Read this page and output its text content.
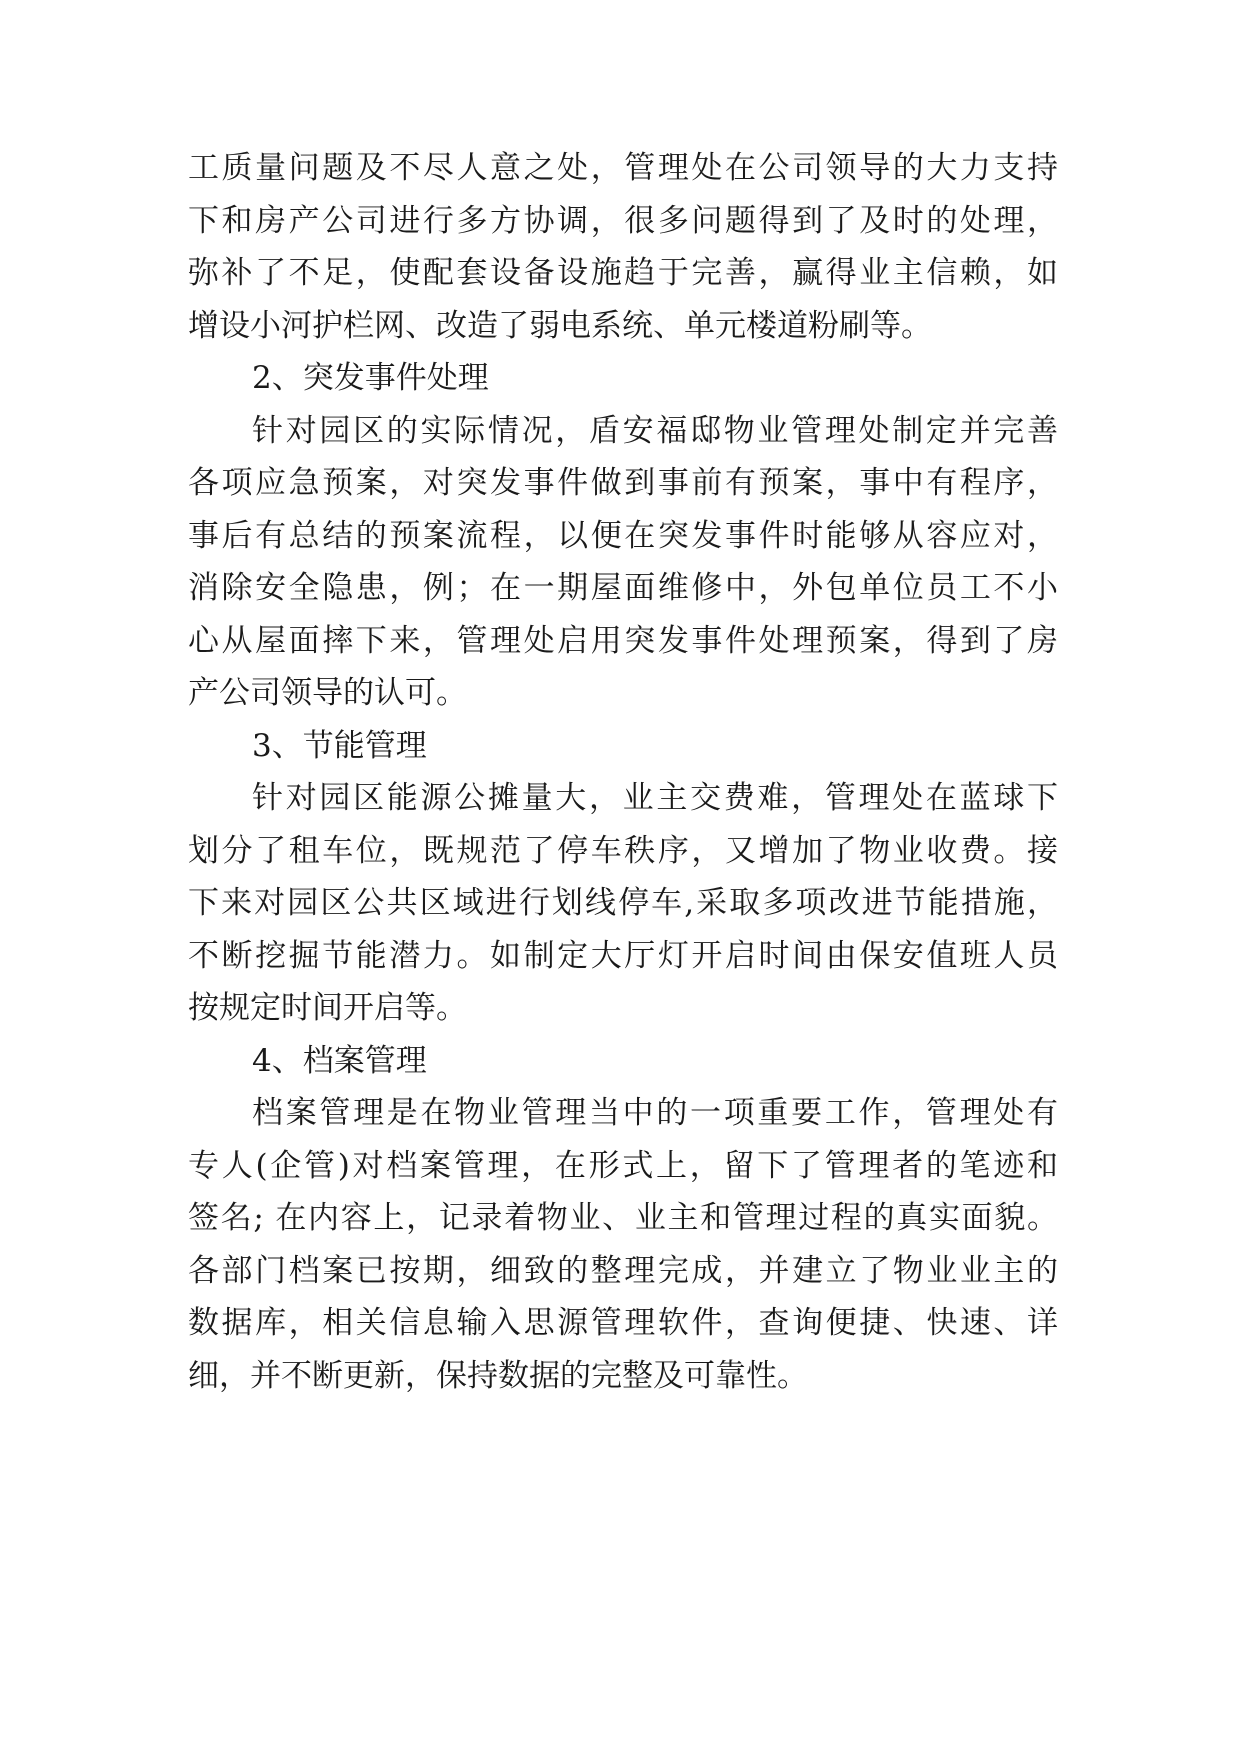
工质量问题及不尽人意之处，管理处在公司领导的大力支持
下和房产公司进行多方协调，很多问题得到了及时的处理，
弥补了不足，使配套设备设施趋于完善，赢得业主信赖，如
增设小河护栏网、改造了弱电系统、单元楼道粉刷等。
2、突发事件处理
针对园区的实际情况，盾安福邸物业管理处制定并完善
各项应急预案，对突发事件做到事前有预案，事中有程序，
事后有总结的预案流程，以便在突发事件时能够从容应对，
消除安全隐患，例；在一期屋面维修中，外包单位员工不小
心从屋面摔下来，管理处启用突发事件处理预案，得到了房
产公司领导的认可。
3、节能管理
针对园区能源公摊量大，业主交费难，管理处在蓝球下
划分了租车位，既规范了停车秩序，又增加了物业收费。接
下来对园区公共区域进行划线停车,采取多项改进节能措施，
不断挖掘节能潜力。如制定大厅灯开启时间由保安值班人员
按规定时间开启等。
4、档案管理
档案管理是在物业管理当中的一项重要工作，管理处有
专人(企管)对档案管理，在形式上，留下了管理者的笔迹和
签名; 在内容上，记录着物业、业主和管理过程的真实面貌。
各部门档案已按期，细致的整理完成，并建立了物业业主的
数据库，相关信息输入思源管理软件，查询便捷、快速、详
细，并不断更新，保持数据的完整及可靠性。
